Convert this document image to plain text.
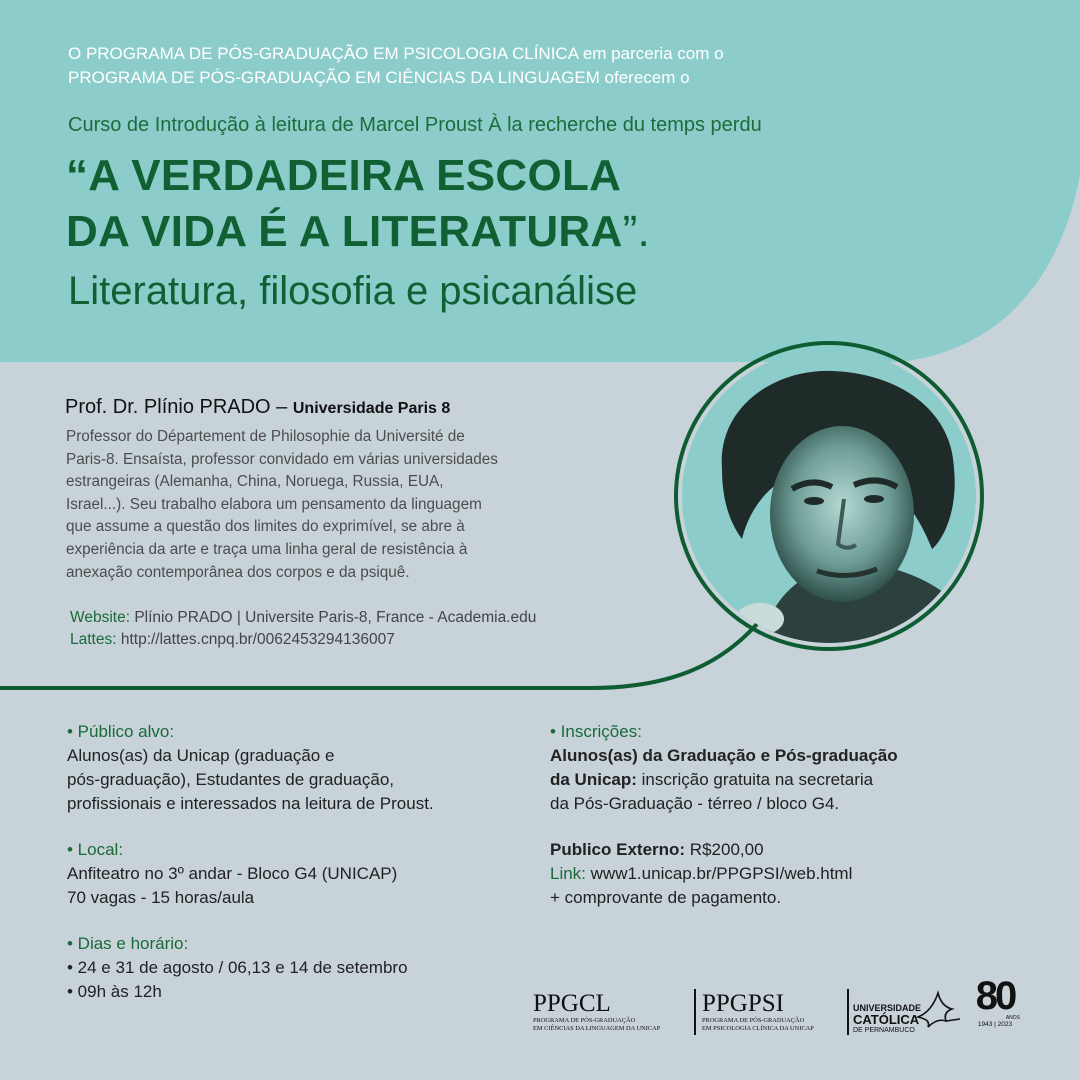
O PROGRAMA DE PÓS-GRADUAÇÃO EM PSICOLOGIA CLÍNICA em parceria com o
PROGRAMA DE PÓS-GRADUAÇÃO EM CIÊNCIAS DA LINGUAGEM oferecem o
Curso de Introdução à leitura de Marcel Proust À la recherche du temps perdu
“A VERDADEIRA ESCOLA
DA VIDA É A LITERATURA”.
Literatura, filosofia e psicanálise
Prof. Dr. Plínio PRADO – Universidade Paris 8
Professor do Département de Philosophie da Université de
Paris-8. Ensaísta, professor convidado em várias universidades
estrangeiras (Alemanha, China, Noruega, Russia, EUA,
Israel...). Seu trabalho elabora um pensamento da linguagem
que assume a questão dos limites do exprimível, se abre à
experiência da arte e traça uma linha geral de resistência à
anexação contemporânea dos corpos e da psiquê.
Website: Plínio PRADO | Universite Paris-8, France - Academia.edu
Lattes: http://lattes.cnpq.br/0062453294136007
• Público alvo:
Alunos(as) da Unicap (graduação e
pós-graduação), Estudantes de graduação,
profissionais e interessados na leitura de Proust.
• Local:
Anfiteatro no 3º andar - Bloco G4 (UNICAP)
70 vagas - 15 horas/aula
• Dias e horário:
• 24 e 31 de agosto / 06,13 e 14 de setembro
• 09h às 12h
• Inscrições:
Alunos(as) da Graduação e Pós-graduação
da Unicap: inscrição gratuita na secretaria
da Pós-Graduação - térreo / bloco G4.
Publico Externo: R$200,00
Link: www1.unicap.br/PPGPSI/web.html
+ comprovante de pagamento.
PPGCL
PROGRAMA DE PÓS-GRADUAÇÃO
EM CIÊNCIAS DA LINGUAGEM DA UNICAP
PPGPSI
PROGRAMA DE PÓS-GRADUAÇÃO
EM PSICOLOGIA CLÍNICA DA UNICAP
UNIVERSIDADE
CATÓLICA
DE PERNAMBUCO
80
ANOS
1943 | 2023
